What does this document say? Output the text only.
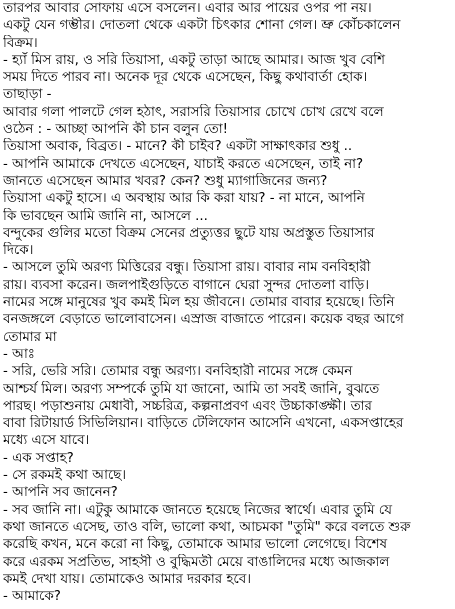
তারপর আবার সোফায় এসে বসলেন। এবার আর পায়ের ওপর পা নয়।
একটু যেন গম্ভীর। দোতলা থেকে একটা চিৎকার শোনা গেল। ভ্রু কোঁচকালেন
বিক্রম।
- হ্যাঁ মিস রায়, ও সরি তিয়াসা, একটু তাড়া আছে আমার। আজ খুব বেশি
সময় দিতে পারব না। অনেক দূর থেকে এসেছেন, কিছু কথাবার্তা হোক।
তাছাড়া -
আবার গলা পালটে গেল হঠাৎ, সরাসরি তিয়াসার চোখে চোখ রেখে বলে
ওঠেন : - আচ্ছা আপনি কী চান বলুন তো!
তিয়াসা অবাক, বিব্রত। - মানে? কী চাইব? একটা সাক্ষাৎকার শুধু ..
- আপনি আমাকে দেখতে এসেছেন, যাচাই করতে এসেছেন, তাই না?
জানতে এসেছেন আমার খবর? কেন? শুধু ম্যাগাজিনের জন্য?
তিয়াসা একটু হাসে। এ অবস্থায় আর কি করা যায়? - না মানে, আপনি
কি ভাবছেন আমি জানি না, আসলে ...
বন্দুকের গুলির মতো বিক্রম সেনের প্রত্যুত্তর ছুটে যায় অপ্রস্তুত তিয়াসার
দিকে।
- আসলে তুমি অরণ্য মিত্তিরের বন্ধু। তিয়াসা রায়। বাবার নাম বনবিহারী
রায়। ব্যবসা করেন। জলপাইগুড়িতে বাগানে ঘেরা সুন্দর দোতলা বাড়ি।
নামের সঙ্গে মানুষের খুব কমই মিল হয় জীবনে। তোমার বাবার হয়েছে। তিনি
বনজঙ্গলে বেড়াতে ভালোবাসেন। এস্রাজ বাজাতে পারেন। কয়েক বছর আগে
তোমার মা
- আঃ
- সরি, ভেরি সরি। তোমার বন্ধু অরণ্য। বনবিহারী নামের সঙ্গে কেমন
আশ্চর্য মিল। অরণ্য সম্পর্কে তুমি যা জানো, আমি তা সবই জানি, বুঝতে
পারছ। পড়াশুনায় মেধাবী, সচ্চরিত্র, কল্পনাপ্রবণ এবং উচ্চাকাঙ্ক্ষী। তার
বাবা রিটায়ার্ড সিভিলিয়ান। বাড়িতে টেলিফোন আসেনি এখনো, একসপ্তাহের
মধ্যে এসে যাবে।
- এক সপ্তাহ?
- সে রকমই কথা আছে।
- আপনি সব জানেন?
- সব জানি না। এটুকু আমাকে জানতে হয়েছে নিজের স্বার্থে। এবার তুমি যে
কথা জানতে এসেছ, তাও বলি, ভালো কথা, আচমকা "তুমি" করে বলতে শুরু
করেছি কখন, মনে করো না কিছু, তোমাকে আমার ভালো লেগেছে। বিশেষ
করে এরকম সপ্রতিভ, সাহসী ও বুদ্ধিমতী মেয়ে বাঙালিদের মধ্যে আজকাল
কমই দেখা যায়। তোমাকেও আমার দরকার হবে।
- আমাকে?
